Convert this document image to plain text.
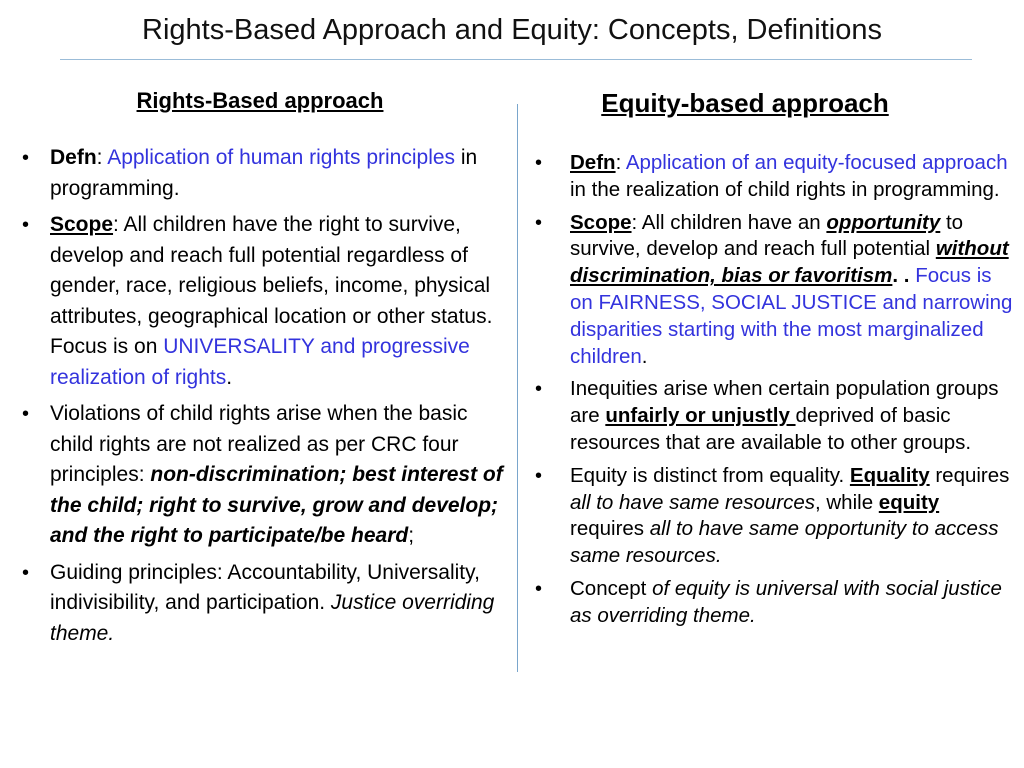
Rights-Based Approach and Equity: Concepts, Definitions
Rights-Based approach	Equity-based approach
• Defn: Application of human rights principles in programming.
• Scope: All children have the right to survive, develop and reach full potential regardless of gender, race, religious beliefs, income, physical attributes, geographical location or other status. Focus is on UNIVERSALITY and progressive realization of rights.
• Violations of child rights arise when the basic child rights are not realized as per CRC four principles: non-discrimination; best interest of the child; right to survive, grow and develop; and the right to participate/be heard;
• Guiding principles: Accountability, Universality, indivisibility, and participation. Justice overriding theme.
• Defn: Application of an equity-focused approach in the realization of child rights in programming.
• Scope: All children have an opportunity to survive, develop and reach full potential without discrimination, bias or favoritism. . Focus is on FAIRNESS, SOCIAL JUSTICE and narrowing disparities starting with the most marginalized children.
• Inequities arise when certain population groups are unfairly or unjustly deprived of basic resources that are available to other groups.
• Equity is distinct from equality. Equality requires all to have same resources, while equity requires all to have same opportunity to access same resources.
• Concept of equity is universal with social justice as overriding theme.
